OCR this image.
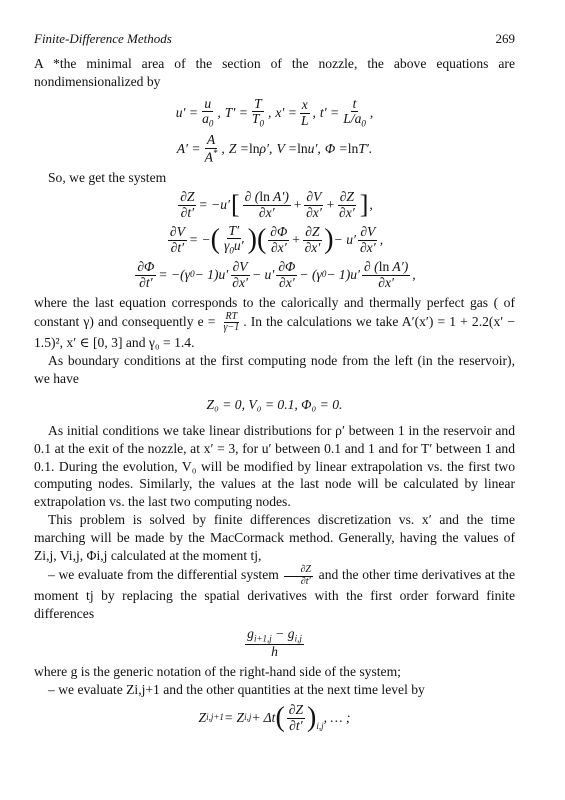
Finite-Difference Methods	269

A *the minimal area of the section of the nozzle, the above equations are nondimensionalized by

$u' = \frac{u}{a_0}$ ,
$T' = \frac{T}{T_0}$ ,
$x' = \frac{x}{L}$ ,
$t' = \frac{t}{L/a_0}$ ,
$A' = \frac{A}{A^*}$ ,
Z = ln ρ′,
V = ln u′,
Φ = ln T′.

So, we get the system

$\frac{\partial Z}{\partial t'} = -u'$ [ $\frac{\text{∂ (ln A′)}}{\partial x'} + \frac{\partial V}{\partial x'} + \frac{\partial Z}{\partial x'}$ ] ,
$\frac{\partial V}{\partial t'}$ = − ( $\frac{T'}{\gamma_0u'}$ ) ( $\frac{\partial\Phi}{\partial x'} + \frac{\partial Z}{\partial x'}$ ) − $u' \frac{\partial V}{\partial x'}$ ,
$\frac{\partial\Phi}{\partial t'} = -(\gamma$ $0 - 1)u' \frac{\partial V}{\partial x'} - u' \frac{\partial\Phi}{\partial x'} - (\gamma$ $0 - 1)u' \frac{\text{∂ (ln A′)}}{\partial x'}$ ,

where the last equation corresponds to the calorically and thermally perfect gas ( of constant γ) and consequently $e = \frac{RT}{\gamma-1}$ . In the calculations we take A′(x′) = 1 + 2.2(x′ − 1.5)², x′ ∈ [0, 3] and γ₀ = 1.4.

As boundary conditions at the first computing node from the left (in the reservoir), we have

Z₀ = 0, V₀ = 0.1, Φ₀ = 0.

As initial conditions we take linear distributions for ρ′ between 1 in the reservoir and 0.1 at the exit of the nozzle, at x′ = 3, for u′ between 0.1 and 1 and for T′ between 1 and 0.1. During the evolution, V₀ will be modified by linear extrapolation vs. the first two computing nodes. Similarly, the values at the last node will be calculated by linear extrapolation vs. the last two computing nodes.

This problem is solved by finite differences discretization vs. x′ and the time marching will be made by the MacCormack method. Generally, having the values of Zi,j, Vi,j, Φi,j calculated at the moment tj,

– we evaluate from the differential system $\frac{\partial Z}{\partial t'}$ and the other time derivatives at the moment tj by replacing the spatial derivatives with the first order forward finite differences

$\frac{g_{i+1,j} - g_{i,j}}{h}$

where g is the generic notation of the right-hand side of the system;

– we evaluate Zi,j+1 and the other quantities at the next time level by

Z i,j+1 = Z i,j + Δt ( $\frac{\partial Z}{\partial t'} )_{i,j}$
, … ;
